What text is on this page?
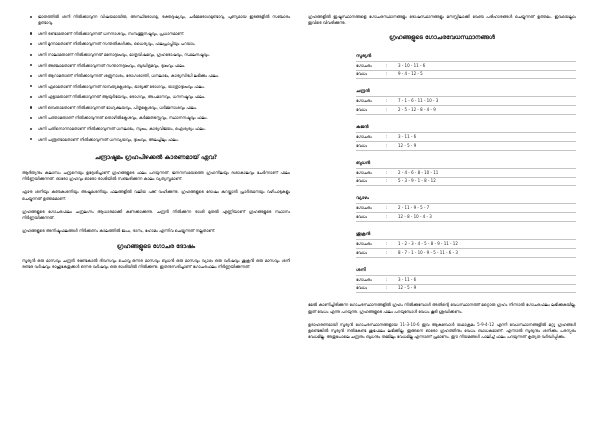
ജാതത്തിൽ ശനി നിൽക്കാവുന്ന വിഷയമായിരു, അസ്ഥിരോഗമു, രക്തദുഷ്യവും, ചർമ്മരോഗമുണ്ടാവു, പുണ്യമായ ഇടങ്ങളിൽ സഞ്ചാരം ഉണ്ടാവു.
ശനി രണ്ടാമതാണ് നിൽക്കാവുന്നത് ധനനാശവും, സമ്പത്തുനഷ്ടവും, പ്രധാനമാണ്.
ശനി മൂന്നാമതാണ് നിൽക്കാവുന്നത് സന്തതികൾക്കും, ധൈര്യവും, ഫലപ്രാപ്തിയും പറയാം.
ശനി നാലാമതാണ് നിൽക്കാവുന്നത് മനോദുഃഖവും, മാതൃവിഷമവും, ഗ്രഹദോഷവും, സ്ഥലനഷ്ടവും.
ശനി അഞ്ചാമതാണ് നിൽക്കാവുന്നത് സന്താനദുഃഖവും, ബുദ്ധിഭ്രമവും, ദുഃഖവും ഫലം.
ശനി ആറാമതാണ് നിൽക്കാവുന്നത് ശത്രുനാശം, രോഗശാന്തി, ധനലാഭം, കാര്യസിദ്ധി ലഭിക്കും ഫലം.
ശനി ഏഴാമതാണ് നിൽക്കാവുന്നത് ദാമ്പത്യക്ലേശവും, ഭാര്യക്ക് രോഗവും, യാത്രാദുഃഖവും ഫലം.
ശനി എട്ടാമതാണ് നിൽക്കാവുന്നത് ആയുർഭയവും, രോഗവും, അപമാനവും, ധനനഷ്ടവും ഫലം.
ശനി ഒമ്പതാമതാണ് നിൽക്കാവുന്നത് ഭാഗ്യക്ഷയവും, പിതൃക്ലേശവും, ധർമ്മനാശവും ഫലം.
ശനി പത്താമതാണ് നിൽക്കാവുന്നത് തൊഴിൽക്ലേശവും, കർമ്മതടസ്സവും, സ്ഥാനനഷ്ടവും ഫലം.
ശനി പതിനൊന്നാമതാണ് നിൽക്കാവുന്നത് ധനലാഭം, സുഖം, കാര്യവിജയം, ഐശ്വര്യം ഫലം.
ശനി പന്ത്രണ്ടാമതാണ് നിൽക്കാവുന്നത് ധനവ്യയവും, ദുഃഖവും, അലച്ചിലും ഫലം.
ചന്ദ്രാഷ്ടമം ഗ്രഹപിഴക്കൽ കാരണമായ് ഏവ?

ആദിത്യനും കലാസം ചന്ദ്രനെയും ഉദ്ദേശിച്ചാണ് ഗ്രഹങ്ങളുടെ ഫലം പറയുന്നത്. ജനനസമയത്തെ ഗ്രഹനിലയും ദശാകാലവും ചേർന്നാണ് ഫലം നിർണ്ണയിക്കുന്നത്. ഓരോ ഗ്രഹവും ഓരോ രാശിയിൽ സഞ്ചരിക്കുന്ന കാലം വ്യത്യസ്തമാണ്.

ഏഴര ശനിയും കണ്ടകശനിയും അഷ്ടമശനിയും ഫലങ്ങളിൽ വലിയ പങ്ക് വഹിക്കുന്നു. ഗ്രഹങ്ങളുടെ ദോഷം കുറയ്ക്കാൻ പ്രാർത്ഥനയും വഴിപാടുകളും ചെയ്യുന്നത് ഉത്തമമാണ്.

ഗ്രഹങ്ങളുടെ ഗോചരഫലം ചന്ദ്രലഗ്നം ആധാരമാക്കി കണക്കാക്കുന്നു. ചന്ദ്രൻ നിൽക്കുന്ന രാശി മുതൽ എണ്ണിയാണ് ഗ്രഹങ്ങളുടെ സ്ഥാനം നിർണ്ണയിക്കുന്നത്.

ഗ്രഹങ്ങളുടെ അനിഷ്ടഫലങ്ങൾ നിർക്കണം കാലത്തിൽ ജപം, ദാനം, ഹോമം എന്നിവ ചെയ്യുന്നത് നല്ലതാണ്.

ഗ്രഹങ്ങളുടെ ഗോചര ദോഷം

സൂര്യൻ ഒരു മാസവും ചന്ദ്രൻ രണ്ടേകാൽ ദിവസവും ചൊവ്വ ഒന്നര മാസവും ബുധൻ ഒരു മാസവും വ്യാഴം ഒരു വർഷവും ശുക്രൻ ഒരു മാസവും ശനി രണ്ടര വർഷവും രാഹുകേതുക്കൾ ഒന്നര വർഷവും ഒരു രാശിയിൽ നിൽക്കുന്നു. ഇതനുസരിച്ചാണ് ഗോചരഫലം നിർണ്ണയിക്കുന്നത്.

ഗ്രഹങ്ങളിൽ ഇഷ്ടസ്ഥാനങ്ങളെ ഗോചരസ്ഥാനങ്ങളും ദോഷസ്ഥാനങ്ങളും മനസ്സിലാക്കി വേണ്ട പരിഹാരങ്ങൾ ചെയ്യുന്നത് ഉത്തമം. ഇവയെല്ലാം ഇവിടെ വിവരിക്കുന്നു.

ഗ്രഹങ്ങളുടെ ഗോചരവേധസ്ഥാനങ്ങൾ
സൂര്യൻ
ഗോചരം	:	3 - 10 - 11 - 6
വേധം	:	9 - 4 - 12 - 5
ചന്ദ്രൻ
ഗോചരം	:	7 - 1 - 6 - 11 - 10 - 3
വേധം	:	2 - 5 - 12 - 8 - 4 - 9
കുജൻ
ഗോചരം	:	3 - 11 - 6
വേധം	:	12 - 5 - 9
ബുധൻ
ഗോചരം	:	2 - 4 - 6 - 8 - 10 - 11
വേധം	:	5 - 3 - 9 - 1 - 8 - 12
വ്യാഴം
ഗോചരം	:	2 - 11 - 9 - 5 - 7
വേധം	:	12 - 8 - 10 - 4 - 3
ശുക്രൻ
ഗോചരം	:	1 - 2 - 3 - 4 - 5 - 8 - 9 - 11 - 12
വേധം	:	8 - 7 - 1 - 10 - 9 - 5 - 11 - 6 - 3
ശനി
ഗോചരം	:	3 - 11 - 6
വേധം	:	12 - 5 - 9

മേൽ കാണിച്ചിരിക്കുന്ന ഗോചരസ്ഥാനങ്ങളിൽ ഗ്രഹം നിൽക്കുമ്പോൾ അതിന്റെ വേധസ്ഥാനത്ത് മറ്റൊരു ഗ്രഹം നിന്നാൽ ഗോചരഫലം ലഭിക്കുകയില്ല. ഇത് വേധം എന്നു പറയുന്നു. ഗ്രഹങ്ങളുടെ ഫലം പറയുമ്പോൾ വേധം കൂടി ശ്രദ്ധിക്കണം.

ഉദാഹരണമായി സൂര്യൻ ഗോചരസ്ഥാനങ്ങളായ 11-3-10-6 ഇവ ആകുമ്പോൾ യഥാക്രമം 5-9-4-12 എന്നീ വേധസ്ഥാനങ്ങളിൽ മറ്റു ഗ്രഹങ്ങൾ ഉണ്ടെങ്കിൽ സൂര്യൻ നൽകേണ്ട ശുഭഫലം ലഭിക്കില്ല. ഇങ്ങനെ ഓരോ ഗ്രഹത്തിനും വേധം ബാധകമാണ്. എന്നാൽ സൂര്യനും ശനിക്കും പരസ്പരം വേധമില്ല. അതുപോലെ ചന്ദ്രനും ബുധനും തമ്മിലും വേധമില്ല എന്നാണ് പ്രമാണം. ഈ നിയമങ്ങൾ പാലിച്ച് ഫലം പറയുന്നത് കൃത്യത വർദ്ധിപ്പിക്കും.
